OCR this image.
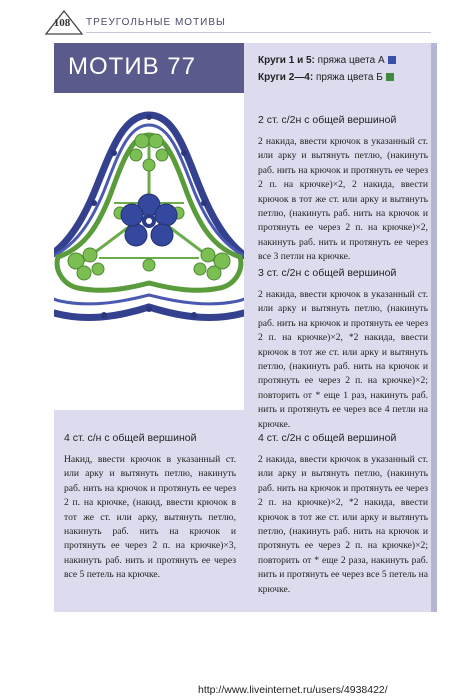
108 ТРЕУГОЛЬНЫЕ МОТИВЫ
МОТИВ 77	Круги 1 и 5: пряжа цвета А
Круги 2—4: пряжа цвета Б
2 ст. с/2н с общей вершиной
2 накида, ввести крючок в указанный ст. или арку и вытянуть петлю, (накинуть раб. нить на крючок и протянуть ее через 2 п. на крючке)×2, 2 накида, ввести крючок в тот же ст. или арку и вытянуть петлю, (накинуть раб. нить на крючок и протянуть ее через 2 п. на крючке)×2, накинуть раб. нить и протянуть ее через все 3 петли на крючке.
3 ст. с/2н с общей вершиной
2 накида, ввести крючок в указанный ст. или арку и вытянуть петлю, (накинуть раб. нить на крючок и протянуть ее через 2 п. на крючке)×2, *2 накида, ввести крючок в тот же ст. или арку и вытянуть петлю, (накинуть раб. нить на крючок и протянуть ее через 2 п. на крючке)×2; повторить от * еще 1 раз, накинуть раб. нить и протянуть ее через все 4 петли на крючке.
4 ст. с/н с общей вершиной
Накид, ввести крючок в указанный ст. или арку и вытянуть петлю, накинуть раб. нить на крючок и протянуть ее через 2 п. на крючке, (накид, ввести крючок в тот же ст. или арку, вытянуть петлю, накинуть раб. нить на крючок и протянуть ее через 2 п. на крючке)×3, накинуть раб. нить и протянуть ее через все 5 петель на крючке.
4 ст. с/2н с общей вершиной
2 накида, ввести крючок в указанный ст. или арку и вытянуть петлю, (накинуть раб. нить на крючок и протянуть ее через 2 п. на крючке)×2, *2 накида, ввести крючок в тот же ст. или арку и вытянуть петлю, (накинуть раб. нить на крючок и протянуть ее через 2 п. на крючке)×2; повторить от * еще 2 раза, накинуть раб. нить и протянуть ее через все 5 петель на крючке.
http://www.liveinternet.ru/users/4938422/
